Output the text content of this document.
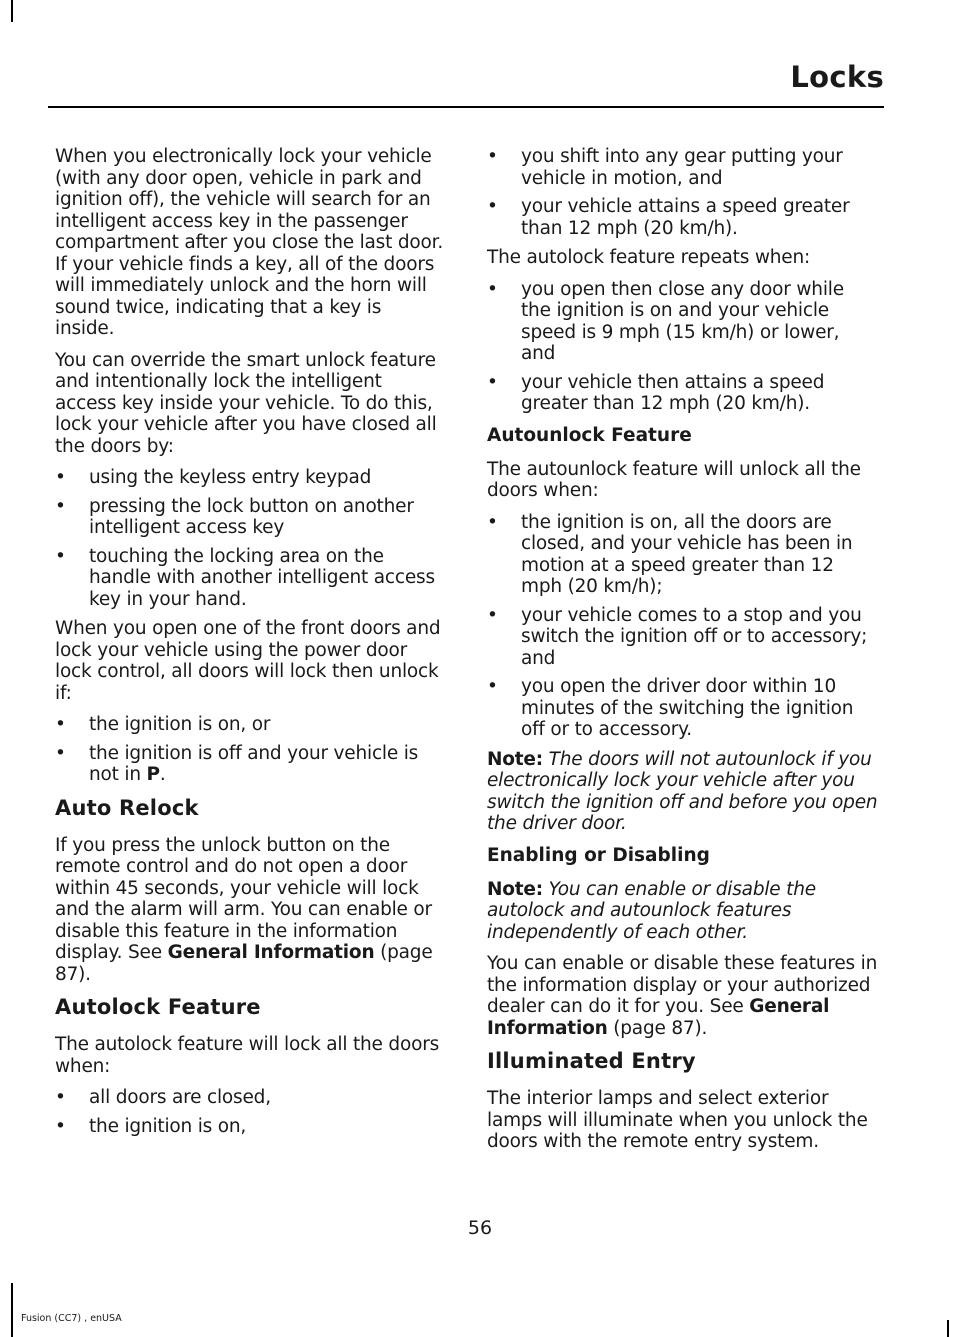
Locks

When you electronically lock your vehicle (with any door open, vehicle in park and ignition off), the vehicle will search for an intelligent access key in the passenger compartment after you close the last door. If your vehicle finds a key, all of the doors will immediately unlock and the horn will sound twice, indicating that a key is inside.

You can override the smart unlock feature and intentionally lock the intelligent access key inside your vehicle. To do this, lock your vehicle after you have closed all the doors by:

• using the keyless entry keypad
• pressing the lock button on another intelligent access key
• touching the locking area on the handle with another intelligent access key in your hand.

When you open one of the front doors and lock your vehicle using the power door lock control, all doors will lock then unlock if:

• the ignition is on, or
• the ignition is off and your vehicle is not in P.
Auto Relock

If you press the unlock button on the remote control and do not open a door within 45 seconds, your vehicle will lock and the alarm will arm. You can enable or disable this feature in the information display. See General Information (page 87).

Autolock Feature

The autolock feature will lock all the doors when:

• all doors are closed,
• the ignition is on,
• you shift into any gear putting your vehicle in motion, and
• your vehicle attains a speed greater than 12 mph (20 km/h).

The autolock feature repeats when:

• you open then close any door while the ignition is on and your vehicle speed is 9 mph (15 km/h) or lower, and
• your vehicle then attains a speed greater than 12 mph (20 km/h).
Autounlock Feature

The autounlock feature will unlock all the doors when:

• the ignition is on, all the doors are closed, and your vehicle has been in motion at a speed greater than 12 mph (20 km/h);
• your vehicle comes to a stop and you switch the ignition off or to accessory; and
• you open the driver door within 10 minutes of the switching the ignition off or to accessory.

Note: The doors will not autounlock if you electronically lock your vehicle after you switch the ignition off and before you open the driver door.

Enabling or Disabling

Note: You can enable or disable the autolock and autounlock features independently of each other.

You can enable or disable these features in the information display or your authorized dealer can do it for you. See General Information (page 87).

Illuminated Entry

The interior lamps and select exterior lamps will illuminate when you unlock the doors with the remote entry system.

56
Fusion (CC7) , enUSA
